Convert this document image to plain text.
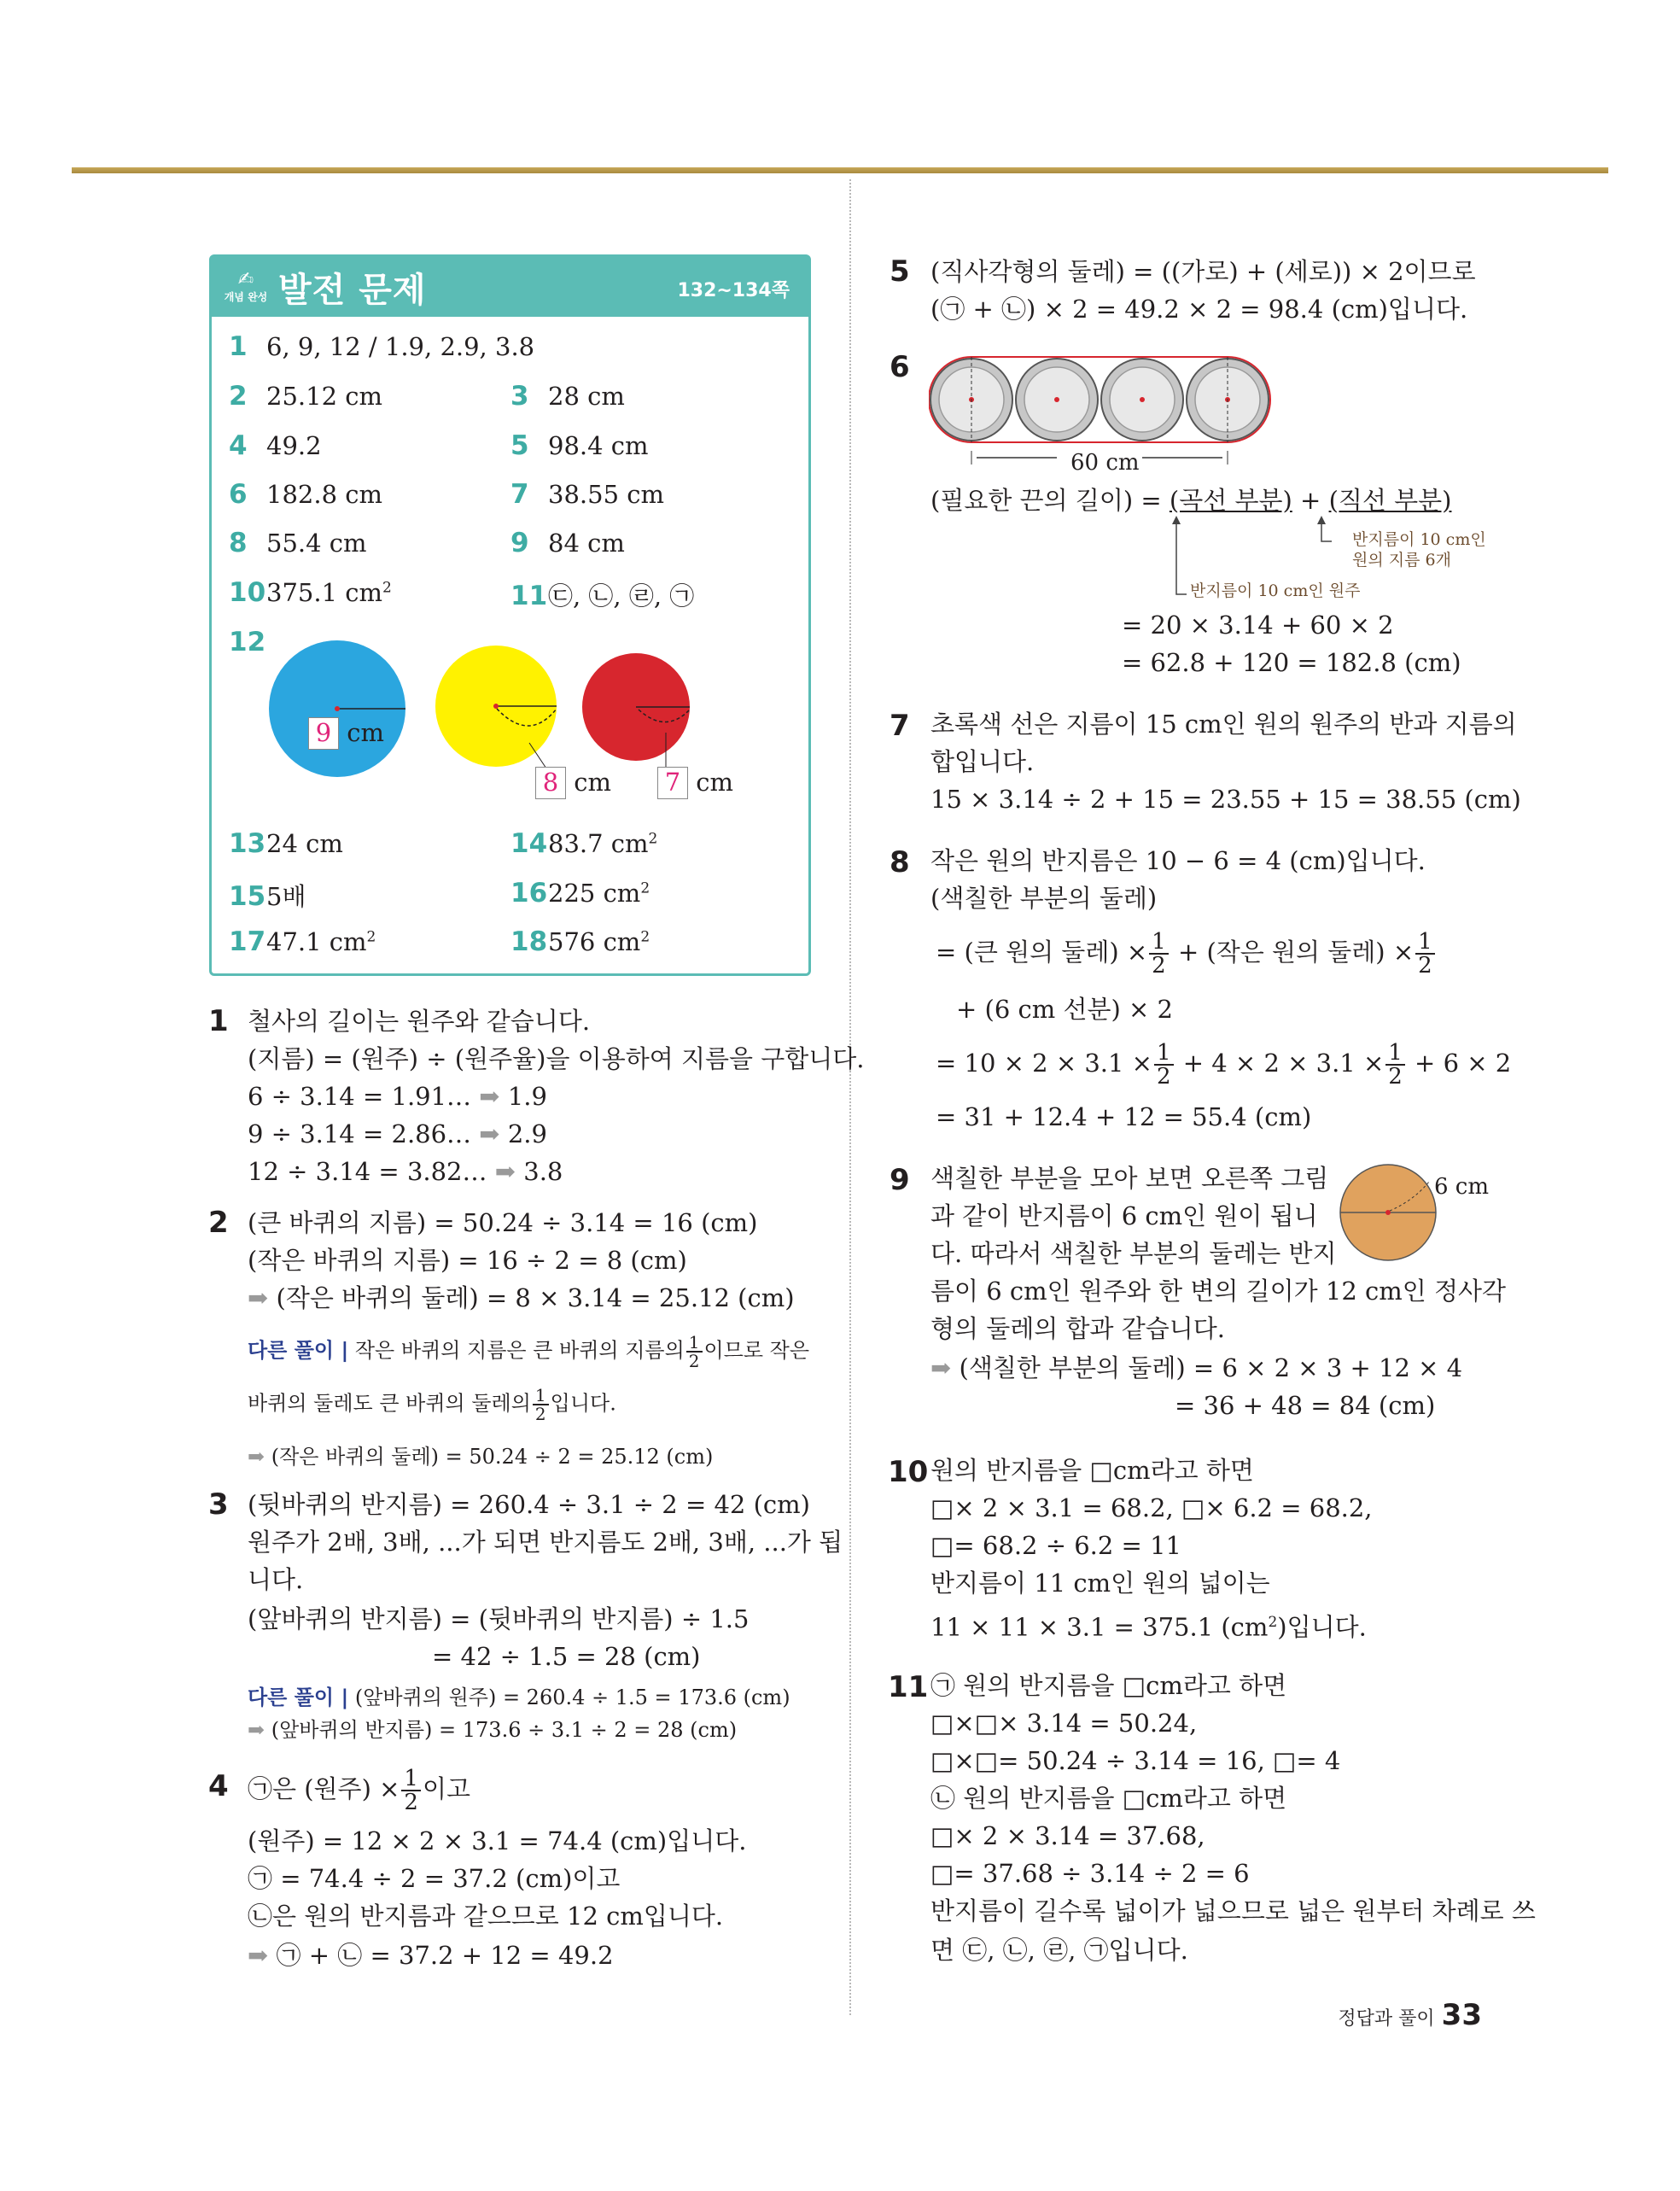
✍
개념 완성 발전 문제	132~134쪽
1 6, 9, 12 / 1.9, 2.9, 3.8
2 25.12 cm	3 28 cm
4 49.2	5 98.4 cm
6 182.8 cm	7 38.55 cm
8 55.4 cm	9 84 cm
10375.1 $cm^2$	11㉢, ㉡, ㉣, ㉠
12
9 cm
8 cm	7 cm
1324 cm	1483.7 $cm^2$
155배	16225 $cm^2$
1747.1 $cm^2$	18576 $cm^2$
1 철사의 길이는 원주와 같습니다.
(지름) = (원주) ÷ (원주율)을 이용하여 지름을 구합니다.
6 ÷ 3.14 = 1.91… ➡ 1.9
9 ÷ 3.14 = 2.86… ➡ 2.9
12 ÷ 3.14 = 3.82… ➡ 3.8
2 (큰 바퀴의 지름) = 50.24 ÷ 3.14 = 16 (cm)
(작은 바퀴의 지름) = 16 ÷ 2 = 8 (cm)
➡ (작은 바퀴의 둘레) = 8 × 3.14 = 25.12 (cm)
다른 풀이 | 작은 바퀴의 지름은 큰 바퀴의 지름의 $\frac{1}{2}$ 이므로 작은
바퀴의 둘레도 큰 바퀴의 둘레의 $\frac{1}{2}$ 입니다.
➡ (작은 바퀴의 둘레) = 50.24 ÷ 2 = 25.12 (cm)
3 (뒷바퀴의 반지름) = 260.4 ÷ 3.1 ÷ 2 = 42 (cm)
원주가 2배, 3배, ...가 되면 반지름도 2배, 3배, ...가 됩
니다.
(앞바퀴의 반지름) = (뒷바퀴의 반지름) ÷ 1.5
= 42 ÷ 1.5 = 28 (cm)
다른 풀이 | (앞바퀴의 원주) = 260.4 ÷ 1.5 = 173.6 (cm)
➡ (앞바퀴의 반지름) = 173.6 ÷ 3.1 ÷ 2 = 28 (cm)
4 ㉠은 (원주) × $\frac{1}{2}$ 이고
(원주) = 12 × 2 × 3.1 = 74.4 (cm)입니다.
㉠ = 74.4 ÷ 2 = 37.2 (cm)이고
㉡은 원의 반지름과 같으므로 12 cm입니다.
➡ ㉠ + ㉡ = 37.2 + 12 = 49.2
5 (직사각형의 둘레) = ((가로) + (세로)) × 2이므로
(㉠ + ㉡) × 2 = 49.2 × 2 = 98.4 (cm)입니다.
6
60 cm
(필요한 끈의 길이) = (곡선 부분) + (직선 부분)
반지름이 10 cm인
원의 지름 6개
반지름이 10 cm인 원주
= 20 × 3.14 + 60 × 2
= 62.8 + 120 = 182.8 (cm)
7 초록색 선은 지름이 15 cm인 원의 원주의 반과 지름의
합입니다.
15 × 3.14 ÷ 2 + 15 = 23.55 + 15 = 38.55 (cm)
8 작은 원의 반지름은 10 − 6 = 4 (cm)입니다.
(색칠한 부분의 둘레)
= (큰 원의 둘레) × $\frac{1}{2}$ + (작은 원의 둘레) × $\frac{1}{2}$
+ (6 cm 선분) × 2
= $10 \times 2 \times 3.1 \times \frac{1}{2} + 4 \times 2 \times 3.1 \times \frac{1}{2} + 6 \times 2$
= 31 + 12.4 + 12 = 55.4 (cm)
9 색칠한 부분을 모아 보면 오른쪽 그림
과 같이 반지름이 6 cm인 원이 됩니
다. 따라서 색칠한 부분의 둘레는 반지
름이 6 cm인 원주와 한 변의 길이가 12 cm인 정사각
형의 둘레의 합과 같습니다.
➡ (색칠한 부분의 둘레) = 6 × 2 × 3 + 12 × 4
= 36 + 48 = 84 (cm)
6 cm
10 원의 반지름을 □cm라고 하면
□× 2 × 3.1 = 68.2, □× 6.2 = 68.2,
□= 68.2 ÷ 6.2 = 11
반지름이 11 cm인 원의 넓이는
11 × 11 × 3.1 = 375.1 $(cm^2)$입니다.
11 ㉠ 원의 반지름을 □cm라고 하면
□×□× 3.14 = 50.24,
□×□= 50.24 ÷ 3.14 = 16, □= 4
㉡ 원의 반지름을 □cm라고 하면
□× 2 × 3.14 = 37.68,
□= 37.68 ÷ 3.14 ÷ 2 = 6
반지름이 길수록 넓이가 넓으므로 넓은 원부터 차례로 쓰
면 ㉢, ㉡, ㉣, ㉠입니다.
정답과 풀이 33
